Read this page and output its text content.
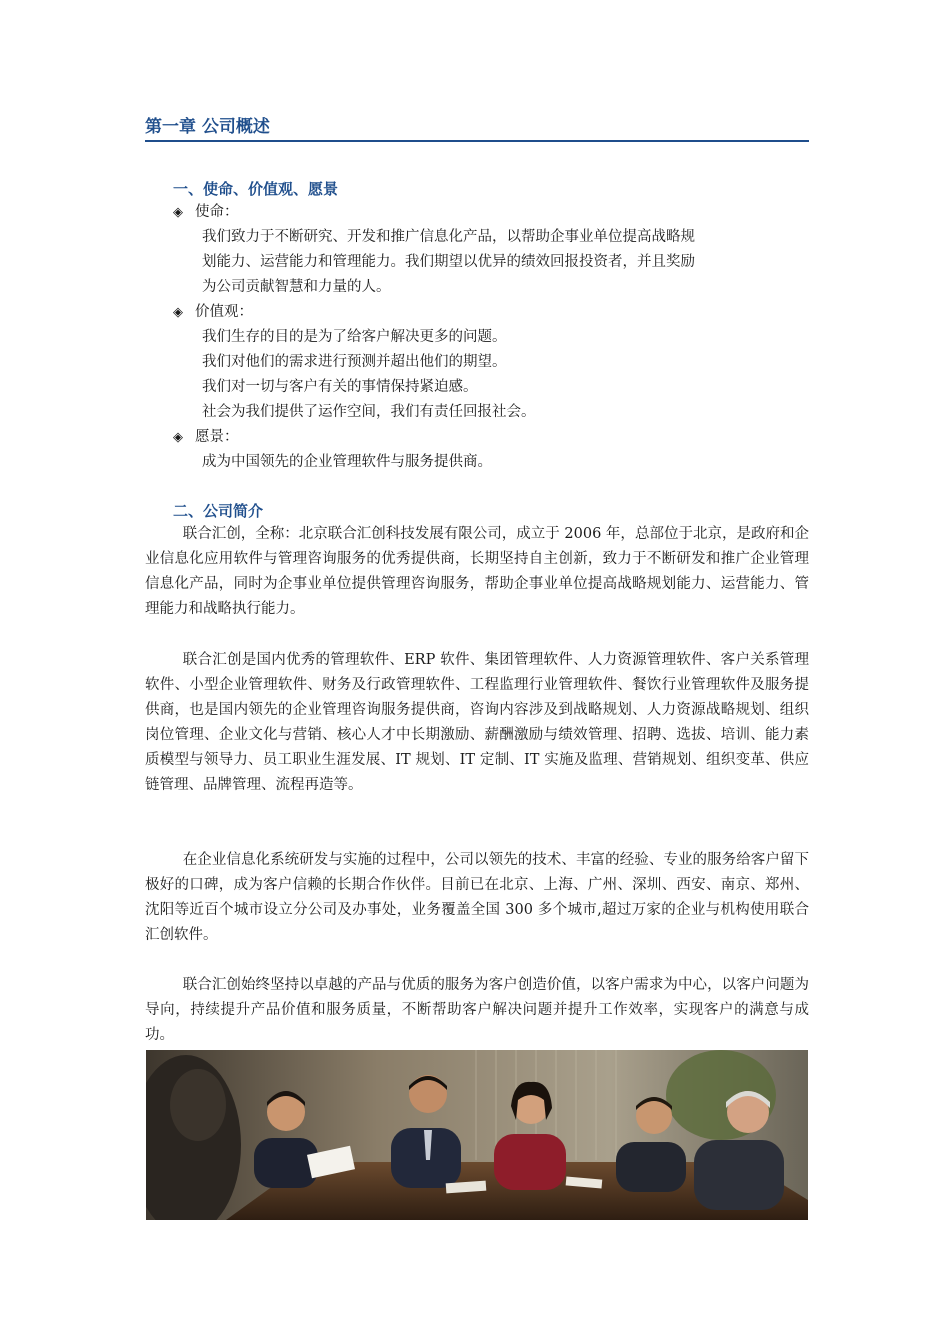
第一章 公司概述
一、使命、价值观、愿景
◈ 使命：
我们致力于不断研究、开发和推广信息化产品，以帮助企事业单位提高战略规
划能力、运营能力和管理能力。我们期望以优异的绩效回报投资者，并且奖励
为公司贡献智慧和力量的人。
◈ 价值观：
我们生存的目的是为了给客户解决更多的问题。
我们对他们的需求进行预测并超出他们的期望。
我们对一切与客户有关的事情保持紧迫感。
社会为我们提供了运作空间，我们有责任回报社会。
◈ 愿景：
成为中国领先的企业管理软件与服务提供商。
二、公司简介

联合汇创，全称：北京联合汇创科技发展有限公司，成立于 2006 年，总部位于北京，是政府和企业信息化应用软件与管理咨询服务的优秀提供商，长期坚持自主创新，致力于不断研发和推广企业管理信息化产品，同时为企事业单位提供管理咨询服务，帮助企事业单位提高战略规划能力、运营能力、管理能力和战略执行能力。

联合汇创是国内优秀的管理软件、ERP 软件、集团管理软件、人力资源管理软件、客户关系管理软件、小型企业管理软件、财务及行政管理软件、工程监理行业管理软件、餐饮行业管理软件及服务提供商，也是国内领先的企业管理咨询服务提供商，咨询内容涉及到战略规划、人力资源战略规划、组织岗位管理、企业文化与营销、核心人才中长期激励、薪酬激励与绩效管理、招聘、选拔、培训、能力素质模型与领导力、员工职业生涯发展、IT 规划、IT 定制、IT 实施及监理、营销规划、组织变革、供应链管理、品牌管理、流程再造等。

在企业信息化系统研发与实施的过程中，公司以领先的技术、丰富的经验、专业的服务给客户留下极好的口碑，成为客户信赖的长期合作伙伴。目前已在北京、上海、广州、深圳、西安、南京、郑州、沈阳等近百个城市设立分公司及办事处，业务覆盖全国 300 多个城市,超过万家的企业与机构使用联合汇创软件。

联合汇创始终坚持以卓越的产品与优质的服务为客户创造价值，以客户需求为中心，以客户问题为导向，持续提升产品价值和服务质量，不断帮助客户解决问题并提升工作效率，实现客户的满意与成功。
